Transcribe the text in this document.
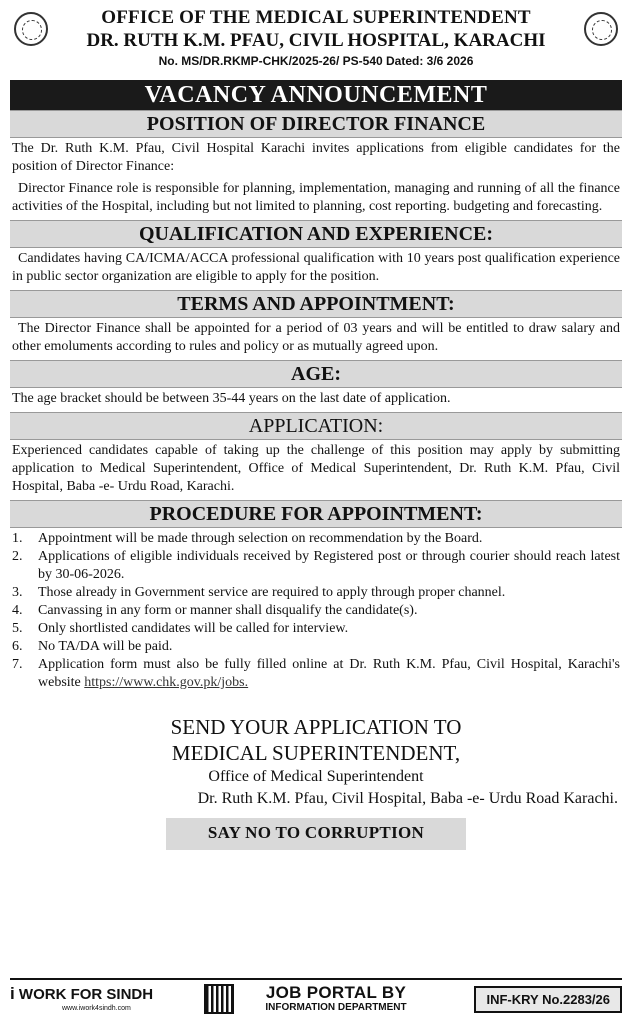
OFFICE OF THE MEDICAL SUPERINTENDENT
DR. RUTH K.M. PFAU, CIVIL HOSPITAL, KARACHI
No. MS/DR.RKMP-CHK/2025-26/ PS-540 Dated: 3/6 2026
VACANCY ANNOUNCEMENT
POSITION OF DIRECTOR FINANCE
The Dr. Ruth K.M. Pfau, Civil Hospital Karachi invites applications from eligible candidates for the position of Director Finance:
Director Finance role is responsible for planning, implementation, managing and running of all the finance activities of the Hospital, including but not limited to planning, cost reporting. budgeting and forecasting.
QUALIFICATION AND EXPERIENCE:
Candidates having CA/ICMA/ACCA professional qualification with 10 years post qualification experience in public sector organization are eligible to apply for the position.
TERMS AND APPOINTMENT:
The Director Finance shall be appointed for a period of 03 years and will be entitled to draw salary and other emoluments according to rules and policy or as mutually agreed upon.
AGE:
The age bracket should be between 35-44 years on the last date of application.
APPLICATION:
Experienced candidates capable of taking up the challenge of this position may apply by submitting application to Medical Superintendent, Office of Medical Superintendent, Dr. Ruth K.M. Pfau, Civil Hospital, Baba -e- Urdu Road, Karachi.
PROCEDURE FOR APPOINTMENT:
1.	Appointment will be made through selection on recommendation by the Board.
2.	Applications of eligible individuals received by Registered post or through courier should reach latest by 30-06-2026.
3.	Those already in Government service are required to apply through proper channel.
4.	Canvassing in any form or manner shall disqualify the candidate(s).
5.	Only shortlisted candidates will be called for interview.
6.	No TA/DA will be paid.
7.	Application form must also be fully filled online at Dr. Ruth K.M. Pfau, Civil Hospital, Karachi's website https://www.chk.gov.pk/jobs.
SEND YOUR APPLICATION TO
MEDICAL SUPERINTENDENT,
Office of Medical Superintendent
Dr. Ruth K.M. Pfau, Civil Hospital, Baba -e- Urdu Road Karachi.
SAY NO TO CORRUPTION
i WORK FOR SINDH
www.iwork4sindh.com
JOB PORTAL BY
INFORMATION DEPARTMENT
INF-KRY No.2283/26
